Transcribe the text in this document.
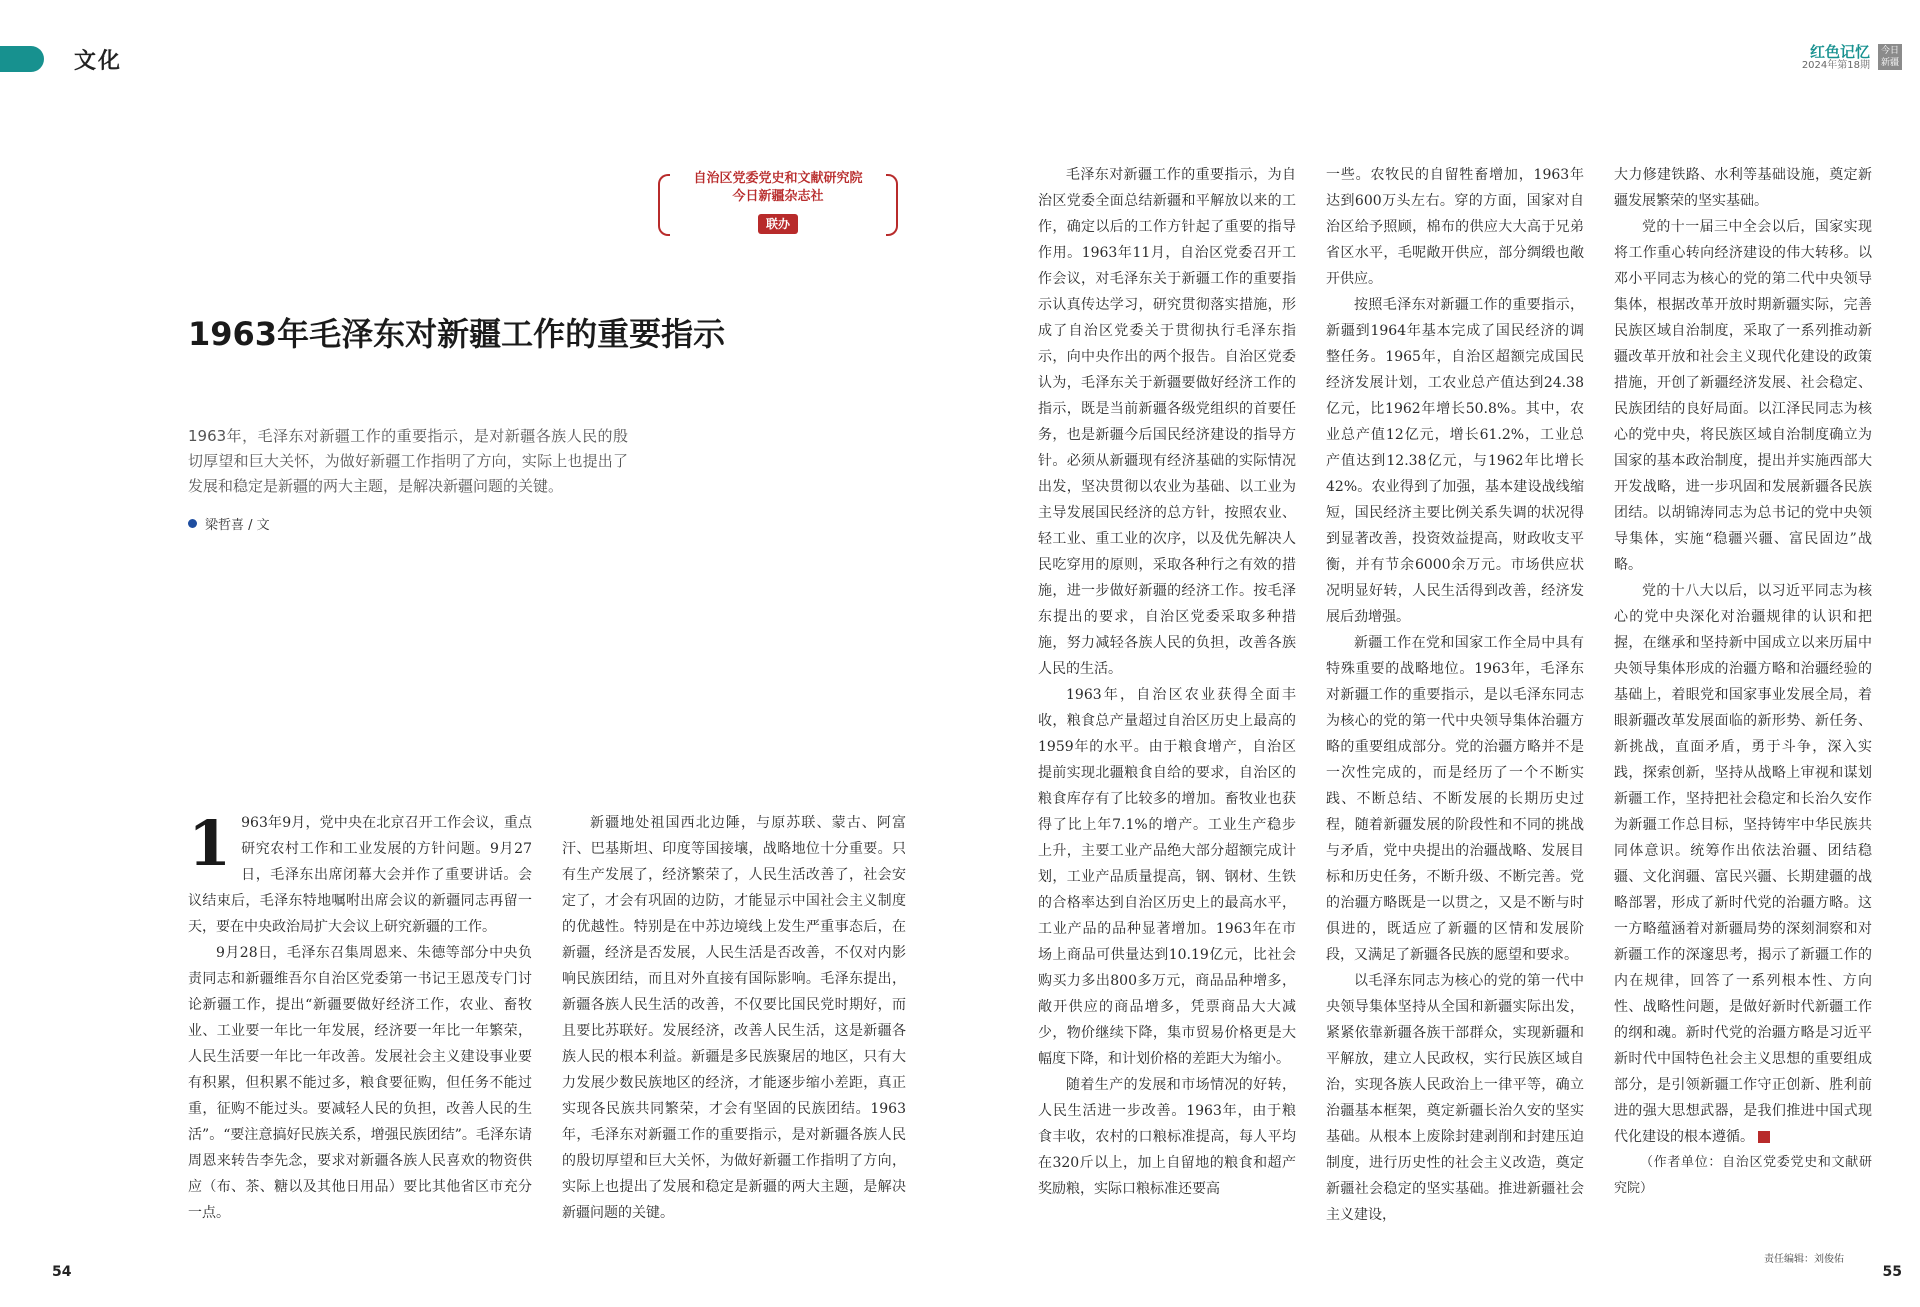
文化
自治区党委党史和文献研究院
今日新疆杂志社
联办
1963年毛泽东对新疆工作的重要指示
1963年，毛泽东对新疆工作的重要指示，是对新疆各族人民的殷切厚望和巨大关怀，为做好新疆工作指明了方向，实际上也提出了发展和稳定是新疆的两大主题，是解决新疆问题的关键。
梁哲喜 / 文

1 963年9月，党中央在北京召开工作会议，重点研究农村工作和工业发展的方针问题。9月27日，毛泽东出席闭幕大会并作了重要讲话。会议结束后，毛泽东特地嘱咐出席会议的新疆同志再留一天，要在中央政治局扩大会议上研究新疆的工作。

9月28日，毛泽东召集周恩来、朱德等部分中央负责同志和新疆维吾尔自治区党委第一书记王恩茂专门讨论新疆工作，提出“新疆要做好经济工作，农业、畜牧业、工业要一年比一年发展，经济要一年比一年繁荣，人民生活要一年比一年改善。发展社会主义建设事业要有积累，但积累不能过多，粮食要征购，但任务不能过重，征购不能过头。要减轻人民的负担，改善人民的生活”。“要注意搞好民族关系，增强民族团结”。毛泽东请周恩来转告李先念，要求对新疆各族人民喜欢的物资供应（布、茶、糖以及其他日用品）要比其他省区市充分一点。

新疆地处祖国西北边陲，与原苏联、蒙古、阿富汗、巴基斯坦、印度等国接壤，战略地位十分重要。只有生产发展了，经济繁荣了，人民生活改善了，社会安定了，才会有巩固的边防，才能显示中国社会主义制度的优越性。特别是在中苏边境线上发生严重事态后，在新疆，经济是否发展，人民生活是否改善，不仅对内影响民族团结，而且对外直接有国际影响。毛泽东提出，新疆各族人民生活的改善，不仅要比国民党时期好，而且要比苏联好。发展经济，改善人民生活，这是新疆各族人民的根本利益。新疆是多民族聚居的地区，只有大力发展少数民族地区的经济，才能逐步缩小差距，真正实现各民族共同繁荣，才会有坚固的民族团结。1963年，毛泽东对新疆工作的重要指示，是对新疆各族人民的殷切厚望和巨大关怀，为做好新疆工作指明了方向，实际上也提出了发展和稳定是新疆的两大主题，是解决新疆问题的关键。

54
红色记忆
2024年第18期
今日新疆

毛泽东对新疆工作的重要指示，为自治区党委全面总结新疆和平解放以来的工作，确定以后的工作方针起了重要的指导作用。1963年11月，自治区党委召开工作会议，对毛泽东关于新疆工作的重要指示认真传达学习，研究贯彻落实措施，形成了自治区党委关于贯彻执行毛泽东指示，向中央作出的两个报告。自治区党委认为，毛泽东关于新疆要做好经济工作的指示，既是当前新疆各级党组织的首要任务，也是新疆今后国民经济建设的指导方针。必须从新疆现有经济基础的实际情况出发，坚决贯彻以农业为基础、以工业为主导发展国民经济的总方针，按照农业、轻工业、重工业的次序，以及优先解决人民吃穿用的原则，采取各种行之有效的措施，进一步做好新疆的经济工作。按毛泽东提出的要求，自治区党委采取多种措施，努力减轻各族人民的负担，改善各族人民的生活。

1963年，自治区农业获得全面丰收，粮食总产量超过自治区历史上最高的1959年的水平。由于粮食增产，自治区提前实现北疆粮食自给的要求，自治区的粮食库存有了比较多的增加。畜牧业也获得了比上年7.1%的增产。工业生产稳步上升，主要工业产品绝大部分超额完成计划，工业产品质量提高，钢、钢材、生铁的合格率达到自治区历史上的最高水平，工业产品的品种显著增加。1963年在市场上商品可供量达到10.19亿元，比社会购买力多出800多万元，商品品种增多，敞开供应的商品增多，凭票商品大大减少，物价继续下降，集市贸易价格更是大幅度下降，和计划价格的差距大为缩小。

随着生产的发展和市场情况的好转，人民生活进一步改善。1963年，由于粮食丰收，农村的口粮标准提高，每人平均在320斤以上，加上自留地的粮食和超产奖励粮，实际口粮标准还要高

一些。农牧民的自留牲畜增加，1963年达到600万头左右。穿的方面，国家对自治区给予照顾，棉布的供应大大高于兄弟省区水平，毛呢敞开供应，部分绸缎也敞开供应。

按照毛泽东对新疆工作的重要指示，新疆到1964年基本完成了国民经济的调整任务。1965年，自治区超额完成国民经济发展计划，工农业总产值达到24.38亿元，比1962年增长50.8%。其中，农业总产值12亿元，增长61.2%，工业总产值达到12.38亿元，与1962年比增长42%。农业得到了加强，基本建设战线缩短，国民经济主要比例关系失调的状况得到显著改善，投资效益提高，财政收支平衡，并有节余6000余万元。市场供应状况明显好转，人民生活得到改善，经济发展后劲增强。

新疆工作在党和国家工作全局中具有特殊重要的战略地位。1963年，毛泽东对新疆工作的重要指示，是以毛泽东同志为核心的党的第一代中央领导集体治疆方略的重要组成部分。党的治疆方略并不是一次性完成的，而是经历了一个不断实践、不断总结、不断发展的长期历史过程，随着新疆发展的阶段性和不同的挑战与矛盾，党中央提出的治疆战略、发展目标和历史任务，不断升级、不断完善。党的治疆方略既是一以贯之，又是不断与时俱进的，既适应了新疆的区情和发展阶段，又满足了新疆各民族的愿望和要求。

以毛泽东同志为核心的党的第一代中央领导集体坚持从全国和新疆实际出发，紧紧依靠新疆各族干部群众，实现新疆和平解放，建立人民政权，实行民族区域自治，实现各族人民政治上一律平等，确立治疆基本框架，奠定新疆长治久安的坚实基础。从根本上废除封建剥削和封建压迫制度，进行历史性的社会主义改造，奠定新疆社会稳定的坚实基础。推进新疆社会主义建设，

大力修建铁路、水利等基础设施，奠定新疆发展繁荣的坚实基础。

党的十一届三中全会以后，国家实现将工作重心转向经济建设的伟大转移。以邓小平同志为核心的党的第二代中央领导集体，根据改革开放时期新疆实际，完善民族区域自治制度，采取了一系列推动新疆改革开放和社会主义现代化建设的政策措施，开创了新疆经济发展、社会稳定、民族团结的良好局面。以江泽民同志为核心的党中央，将民族区域自治制度确立为国家的基本政治制度，提出并实施西部大开发战略，进一步巩固和发展新疆各民族团结。以胡锦涛同志为总书记的党中央领导集体，实施“稳疆兴疆、富民固边”战略。

党的十八大以后，以习近平同志为核心的党中央深化对治疆规律的认识和把握，在继承和坚持新中国成立以来历届中央领导集体形成的治疆方略和治疆经验的基础上，着眼党和国家事业发展全局，着眼新疆改革发展面临的新形势、新任务、新挑战，直面矛盾，勇于斗争，深入实践，探索创新，坚持从战略上审视和谋划新疆工作，坚持把社会稳定和长治久安作为新疆工作总目标，坚持铸牢中华民族共同体意识。统筹作出依法治疆、团结稳疆、文化润疆、富民兴疆、长期建疆的战略部署，形成了新时代党的治疆方略。这一方略蕴涵着对新疆局势的深刻洞察和对新疆工作的深邃思考，揭示了新疆工作的内在规律，回答了一系列根本性、方向性、战略性问题，是做好新时代新疆工作的纲和魂。新时代党的治疆方略是习近平新时代中国特色社会主义思想的重要组成部分，是引领新疆工作守正创新、胜利前进的强大思想武器，是我们推进中国式现代化建设的根本遵循。

（作者单位：自治区党委党史和文献研究院）

责任编辑：刘俊佑
55
